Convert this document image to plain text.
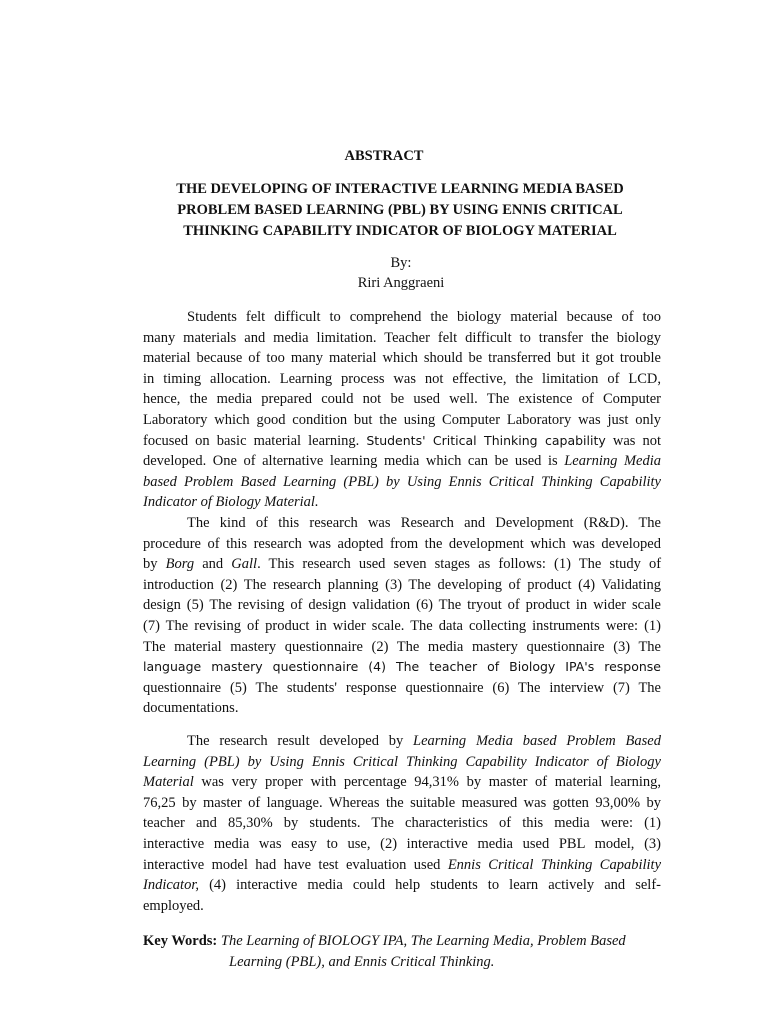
ABSTRACT
THE DEVELOPING OF INTERACTIVE LEARNING MEDIA BASED
PROBLEM BASED LEARNING (PBL) BY USING ENNIS CRITICAL
THINKING CAPABILITY INDICATOR OF BIOLOGY MATERIAL
By:
Riri Anggraeni
Students felt difficult to comprehend the biology material because of too
many materials and media limitation. Teacher felt difficult to transfer the biology
material because of too many material which should be transferred but it got trouble
in timing allocation. Learning process was not effective, the limitation of LCD,
hence, the media prepared could not be used well. The existence of Computer
Laboratory which good condition but the using Computer Laboratory was just only
focused on basic material learning. Students' Critical Thinking capability was not
developed. One of alternative learning media which can be used is Learning Media
based Problem Based Learning (PBL) by Using Ennis Critical Thinking Capability
Indicator of Biology Material.
The kind of this research was Research and Development (R&D). The
procedure of this research was adopted from the development which was developed
by Borg and Gall. This research used seven stages as follows: (1) The study of
introduction (2) The research planning (3) The developing of product (4) Validating
design (5) The revising of design validation (6) The tryout of product in wider scale
(7) The revising of product in wider scale. The data collecting instruments were: (1)
The material mastery questionnaire (2) The media mastery questionnaire (3) The
language mastery questionnaire (4) The teacher of Biology IPA's response
questionnaire (5) The students' response questionnaire (6) The interview (7) The
documentations.
The research result developed by Learning Media based Problem Based
Learning (PBL) by Using Ennis Critical Thinking Capability Indicator of Biology
Material was very proper with percentage 94,31% by master of material learning,
76,25 by master of language. Whereas the suitable measured was gotten 93,00% by
teacher and 85,30% by students. The characteristics of this media were: (1)
interactive media was easy to use, (2) interactive media used PBL model, (3)
interactive model had have test evaluation used Ennis Critical Thinking Capability
Indicator, (4) interactive media could help students to learn actively and self-
employed.
Key Words: The Learning of BIOLOGY IPA, The Learning Media, Problem Based
Learning (PBL), and Ennis Critical Thinking.
